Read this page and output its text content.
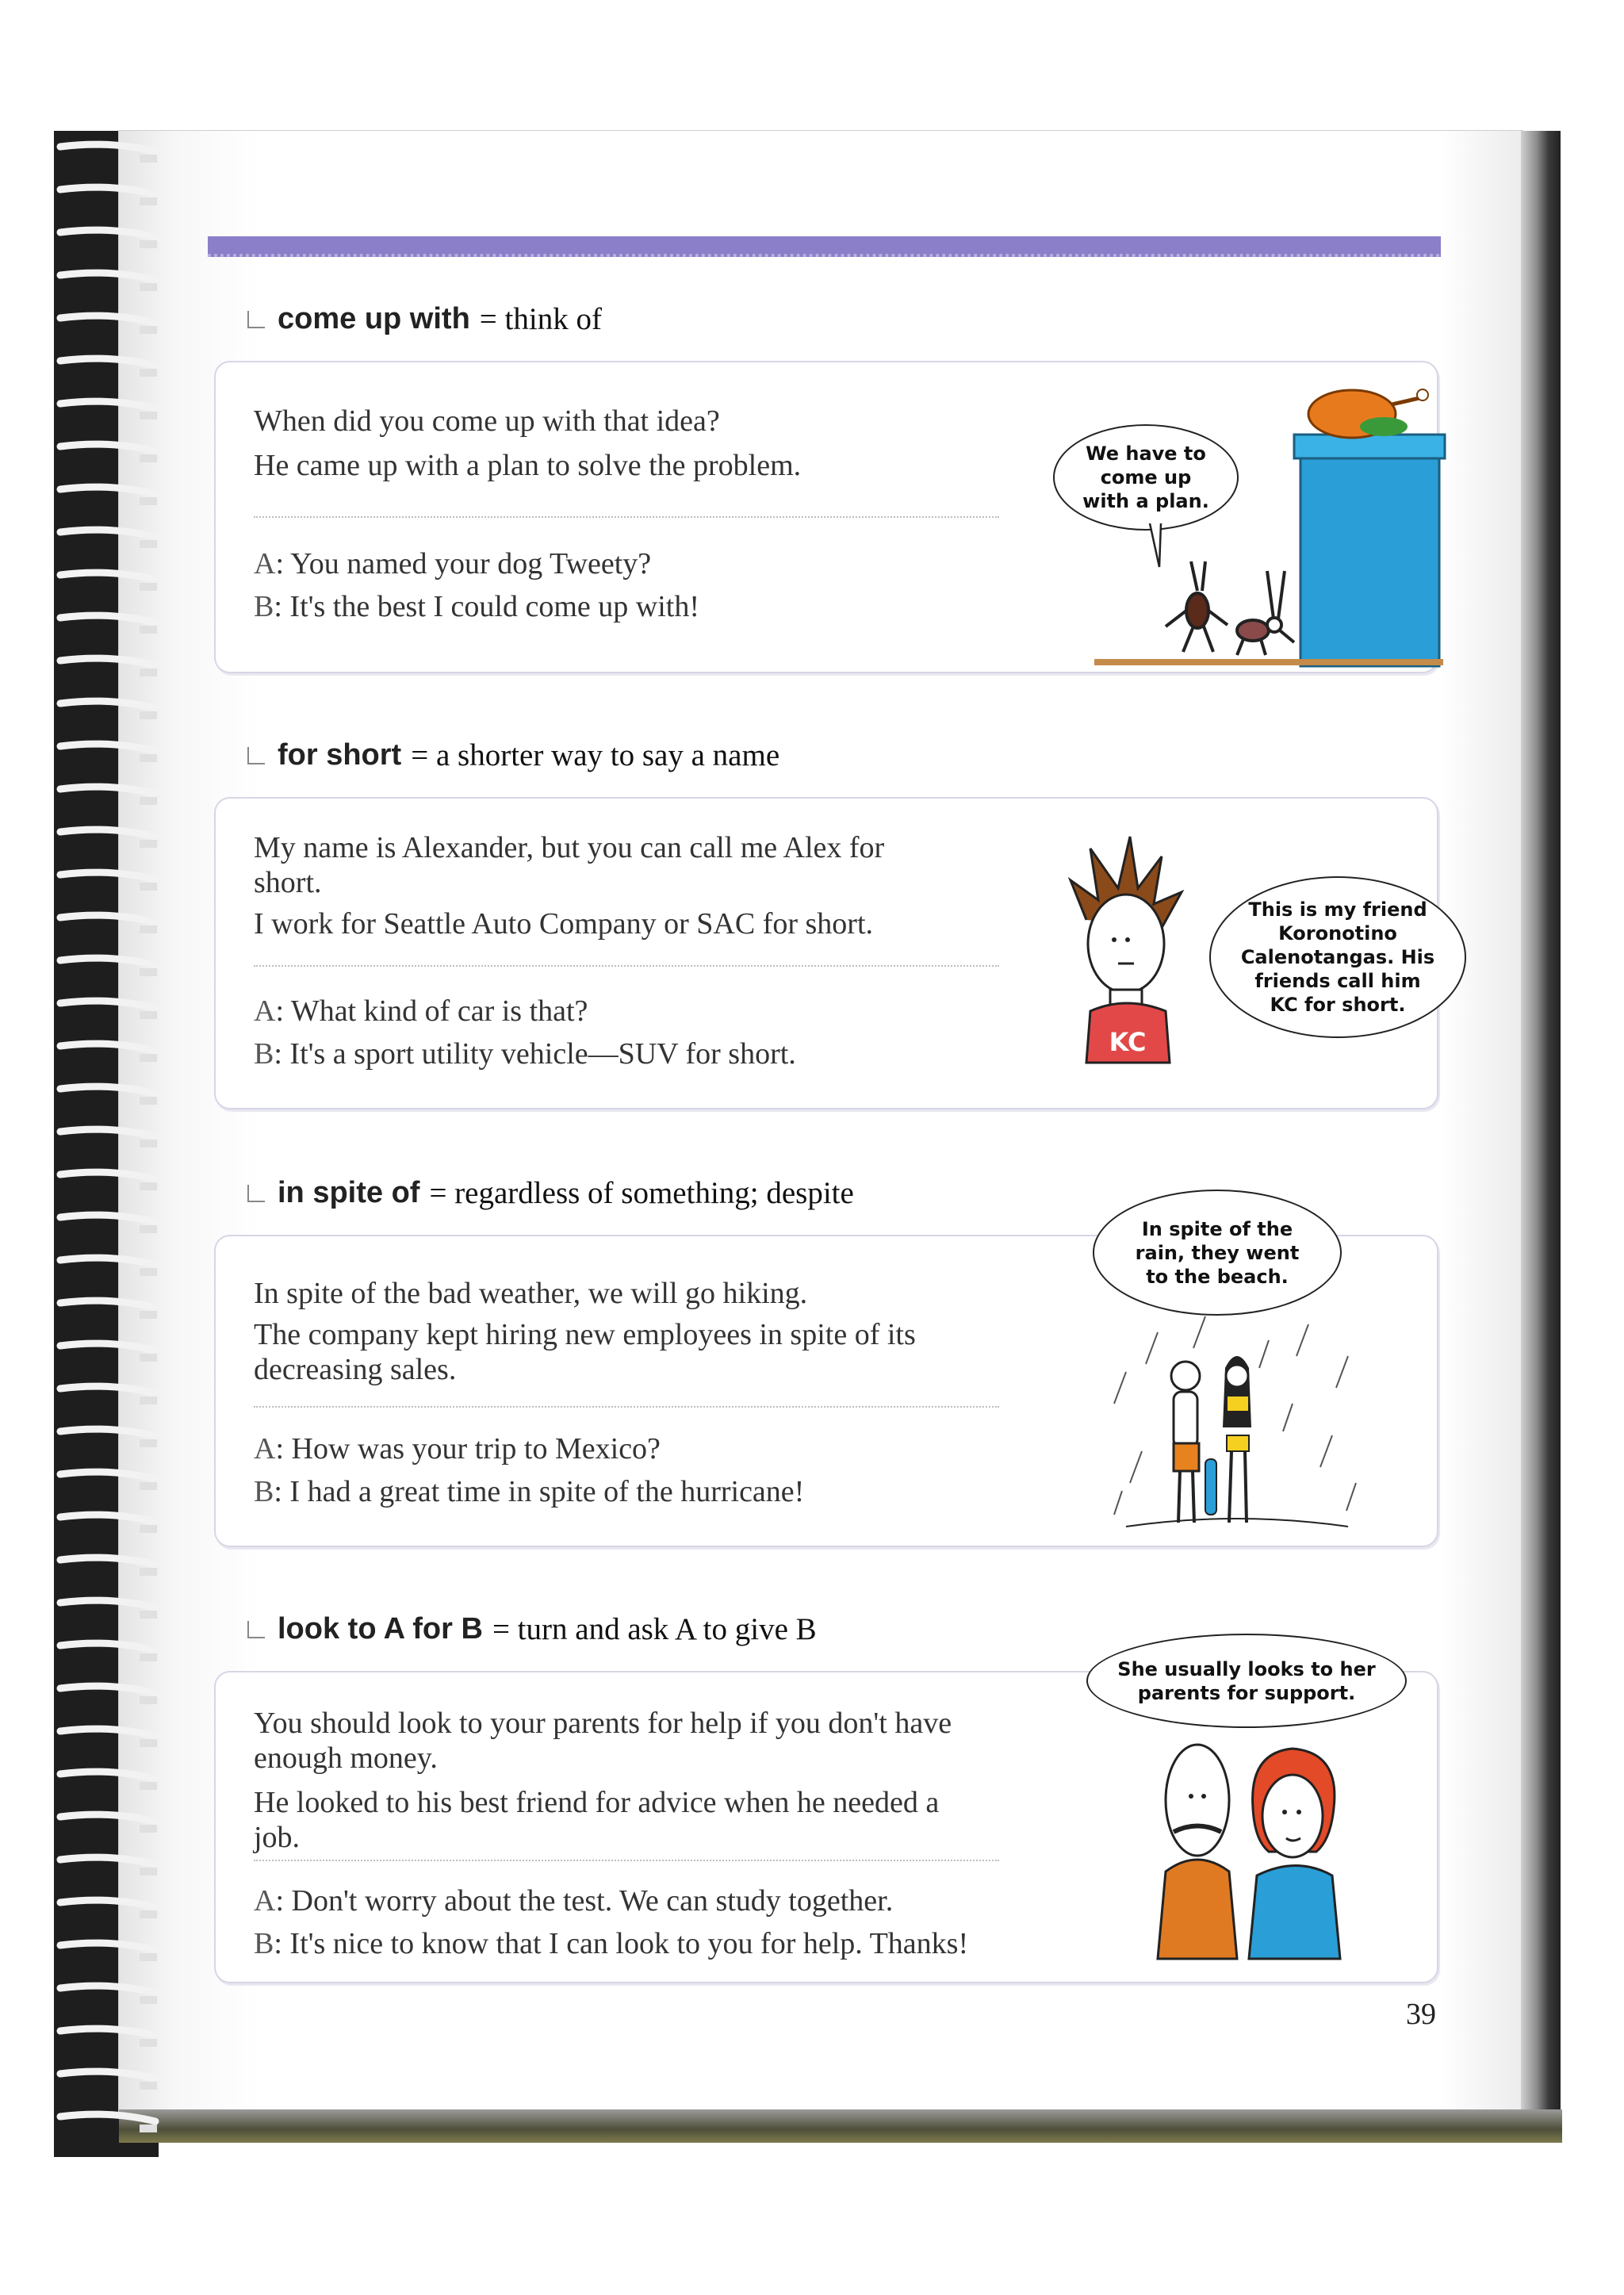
come up with = think of
When did you come up with that idea?
He came up with a plan to solve the problem.
A: You named your dog Tweety?
B: It's the best I could come up with!
We have to come up with a plan.
for short = a shorter way to say a name
My name is Alexander, but you can call me Alex for short.
I work for Seattle Auto Company or SAC for short.
A: What kind of car is that?
B: It's a sport utility vehicle—SUV for short.	KC
This is my friend Koronotino Calenotangas. His friends call him KC for short.
in spite of = regardless of something; despite
In spite of the bad weather, we will go hiking.
The company kept hiring new employees in spite of its decreasing sales.
A: How was your trip to Mexico?
B: I had a great time in spite of the hurricane!
In spite of the rain, they went to the beach.
look to A for B = turn and ask A to give B
You should look to your parents for help if you don't have enough money.
He looked to his best friend for advice when he needed a job.
A: Don't worry about the test. We can study together.
B: It's nice to know that I can look to you for help. Thanks!
She usually looks to her parents for support.
39
